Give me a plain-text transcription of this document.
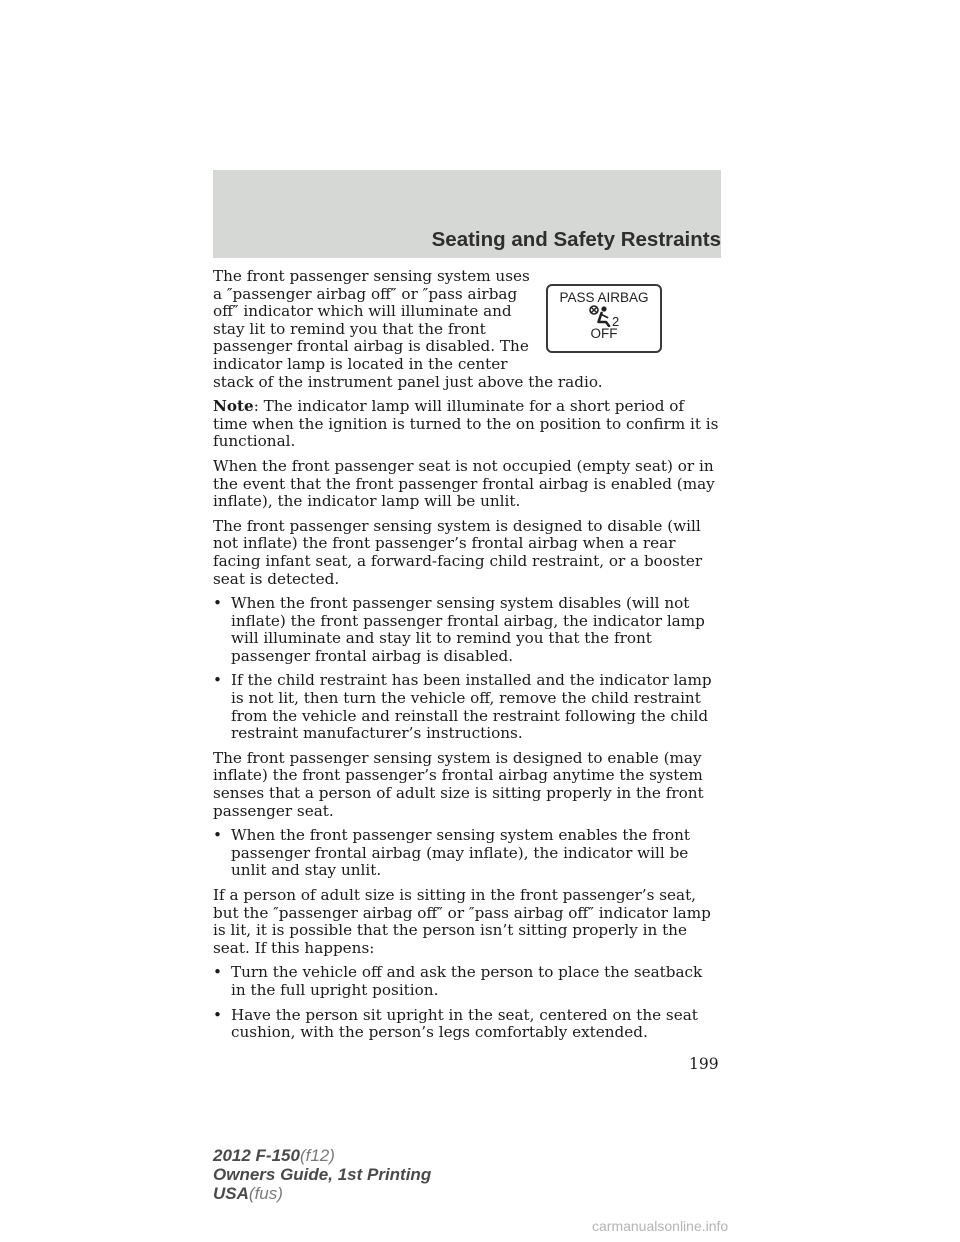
Seating and Safety Restraints
PASS AIRBAG
2
OFF
The front passenger sensing system uses a ″passenger airbag off″ or ″pass airbag off″ indicator which will illuminate and stay lit to remind you that the front passenger frontal airbag is disabled. The indicator lamp is located in the center stack of the instrument panel just above the radio.

Note: The indicator lamp will illuminate for a short period of time when the ignition is turned to the on position to confirm it is functional.

When the front passenger seat is not occupied (empty seat) or in the event that the front passenger frontal airbag is enabled (may inflate), the indicator lamp will be unlit.

The front passenger sensing system is designed to disable (will not inflate) the front passenger’s frontal airbag when a rear facing infant seat, a forward-facing child restraint, or a booster seat is detected.

• When the front passenger sensing system disables (will not inflate) the front passenger frontal airbag, the indicator lamp will illuminate and stay lit to remind you that the front passenger frontal airbag is disabled.
• If the child restraint has been installed and the indicator lamp is not lit, then turn the vehicle off, remove the child restraint from the vehicle and reinstall the restraint following the child restraint manufacturer’s instructions.

The front passenger sensing system is designed to enable (may inflate) the front passenger’s frontal airbag anytime the system senses that a person of adult size is sitting properly in the front passenger seat.

• When the front passenger sensing system enables the front passenger frontal airbag (may inflate), the indicator will be unlit and stay unlit.

If a person of adult size is sitting in the front passenger’s seat, but the ″passenger airbag off″ or ″pass airbag off″ indicator lamp is lit, it is possible that the person isn’t sitting properly in the seat. If this happens:

• Turn the vehicle off and ask the person to place the seatback in the full upright position.
• Have the person sit upright in the seat, centered on the seat cushion, with the person’s legs comfortably extended.
199
2012 F-150(f12)
Owners Guide, 1st Printing
USA(fus)
carmanualsonline.info
